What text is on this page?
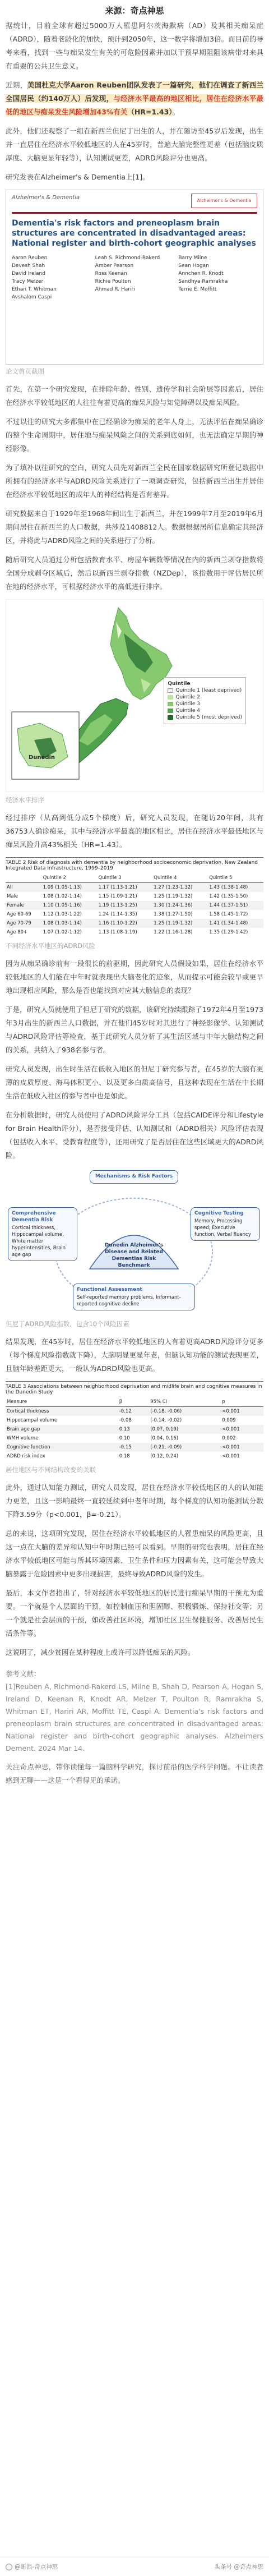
来源：奇点神思

据统计，目前全球有超过5000万人罹患阿尔茨海默病（AD）及其相关痴呆症（ADRD），随着老龄化的加快，预计到2050年，这一数字将增加3倍。而目前的导考来看，找到一些与痴呆发生有关的可危险因素并加以干预早期阻阻该病带对来具有重要的公共卫生意义。

近期，美国杜克大学Aaron Reuben团队发表了一篇研究，他们在调查了新西兰全国居民（约140万人）后发现，与经济水平最高的地区相比，居住在经济水平最低的地区与痴呆发生风险增加43%有关（HR=1.43）。

此外，他们还观察了一组在新西兰但尼丁出生的人，并在随访至45岁后发现，出生并一直居住在经济水平较低地区的人在45岁时，普遍大脑完整性更差（包括脑皮质厚度、大脑更显年轻等），认知测试更差，ADRD风险评分也更高。

研究发表在Alzheimer's & Dementia上[1]。

Alzheimer's & Dementia	Alzheimer's & Dementia
Dementia's risk factors and preneoplasm brain structures are concentrated in disadvantaged areas: National register and birth-cohort geographic analyses
Aaron Reuben	Leah S. Richmond-Rakerd	Barry Milne
Devesh Shah	Amber Pearson	Sean Hogan
David Ireland	Ross Keenan	Annchen R. Knodt
Tracy Melzer	Richie Poulton	Sandhya Ramrakha
Ethan T. Whitman	Ahmad R. Hariri	Terrie E. Moffitt
Avshalom Caspi
论文首页截图

首先，在第一个研究发现，在排除年龄、性别、遗传学和社会阶层等因素后，居住在经济水平较低地区的人往往有着更高的痴呆风险与知觉障碍以及痴呆风险。

不过以往的研究大多都集中在已经确诊为痴呆的老年人身上，无法评估在痴呆确诊的整个生命周期中，居住地与痴呆风险之间的关系到底如何，也无法确定早期的神经影像。

为了填补以往研究的空白，研究人员先对新西兰全民在国家数据研究所登记数据中所拥有的经济水平与ADRD风险关系进行了一项调查研究，包括新西兰出生并居住在经济水平较低地区的成年人的神经结构是否有差异。

研究数据来自于1929年至1968年间出生于新西兰，并在1999年7月至2019年6月期间居住在新西兰的人口数据，共涉及1408812人。数据根据居所信息确定其经济区，并将此与ADRD风险之间的关系进行了分析。

随后研究人员通过分析包括教育水平、房屋车辆数等情况在内的新西兰剥夺指数将全国分成剥夺区域后，然后以新西兰剥夺指数（NZDep），该指数用于评估居民所在地的经济水平，可根据经济水平的高低进行排序。

Dunedin
Quintile
Quintile 1 (least deprived)
Quintile 2
Quintile 3
Quintile 4
Quintile 5 (most deprived)
经济水平排序

经过排序（从高到低分成5个梯度）后，研究人员发现，在随访20年间，共有36753人确诊痴呆，其中与经济水平最高的地区相比，居住在经济水平最低地区与痴呆风险升高43%相关（HR=1.43）。

TABLE 2 Risk of diagnosis with dementia by neighborhood socioeconomic deprivation, New Zealand Integrated Data Infrastructure, 1999–2019
	Quintile 2	Quintile 3	Quintile 4	Quintile 5
All	1.09 (1.05-1.13)	1.17 (1.13-1.21)	1.27 (1.23-1.32)	1.43 (1.38-1.48)
Male	1.08 (1.02-1.14)	1.15 (1.09-1.21)	1.25 (1.19-1.32)	1.42 (1.35-1.50)
Female	1.10 (1.05-1.16)	1.19 (1.13-1.25)	1.30 (1.24-1.36)	1.44 (1.37-1.51)
Age 60-69	1.12 (1.03-1.22)	1.24 (1.14-1.35)	1.38 (1.27-1.50)	1.58 (1.45-1.72)
Age 70-79	1.08 (1.03-1.14)	1.16 (1.10-1.22)	1.25 (1.19-1.32)	1.41 (1.34-1.48)
Age 80+	1.07 (1.02-1.12)	1.13 (1.08-1.19)	1.22 (1.16-1.28)	1.35 (1.29-1.42)
不同经济水平地区的ADRD风险

因为从痴呆确诊前有一段很长的前驱期，因此研究人员假设如果，居住在经济水平较低地区的人们能在中年时就表现出大脑老化的迹象，从而提示可能会较早或更早地出现相应风险，那么是否也能找到对应其大脑信息的表现？

于是，研究人员就使用了但尼丁研究的数据，该研究持续跟踪了1972年4月至1973年3月出生的新西兰人口数据，并在他们45岁时对其进行了神经影像学、认知测试与ADRD风险评估等检查，基于此研究人员分析了其生活区域与中年大脑结构之间的关系，共纳入了938名参与者。

研究人员发现，出生时生活在低收入地区的但尼丁研究参与者，在45岁的大脑有更薄的皮质厚度、海马体积更小、以及更多白质高信号，且这种表现在生活在中长期生活在低收入社区的参与者中也是如此。

在分析数据时，研究人员使用了ADRD风险评分工具（包括CAIDE评分和Lifestyle for Brain Health评分），是否接受评估、认知测试和（ADRD相关）风险评估表现（包括收入水平、受教育程度等），还用研究了是否居住在这些区域更大的ADRD风险。

Mechanisms & Risk Factors
Comprehensive Dementia Risk
Cortical thickness, Hippocampal volume, White matter hyperintensities, Brain age gap
Cognitive Testing
Memory, Processing speed, Executive function, Verbal fluency
Dunedin Alzheimer's Disease and Related Dementias Risk Benchmark
Functional Assessment
Self-reported memory problems, Informant-reported cognitive decline
但尼丁ADRD风险指数，包含10个风险因素

结果发现，在45岁时，居住在经济水平较低地区的人有着更高ADRD风险评分更多（每个梯度风险指数就下降），大脑明显更显年老，但脑认知功能的测试表现更差，且脑年龄差距更大，一般认为ADRD风险也更高。

TABLE 3 Associations between neighborhood deprivation and midlife brain and cognitive measures in the Dunedin Study
Measure	β	95% CI	p
Cortical thickness	-0.12	(-0.18, -0.06)	<0.001
Hippocampal volume	-0.08	(-0.14, -0.02)	0.009
Brain age gap	0.13	(0.07, 0.19)	<0.001
WMH volume	0.10	(0.04, 0.16)	0.002
Cognitive function	-0.15	(-0.21, -0.09)	<0.001
ADRD risk index	0.18	(0.12, 0.24)	<0.001
居住地区与不同结构改变的关联

此外，通过认知能力测试，研究人员发现，居住在经济水平较低地区的人的认知能力更差，且这一影响最终一直较延续到中老年时期，每个梯度的认知功能测试分数下降3.59分（p<0.001，β=-0.21）。

总的来说，这项研究发现，居住在经济水平较低地区的人罹患痴呆的风险更高，且这一点在大脑的差异和认知中年时期已经可以看到。早期的研究也表明，居住在经济水平较低地区可能与所其环境因素、卫生条件和压力因素有关，这可能会导致大脑暴露于危险因素中更多出现损害，最终导致ADRD风险的发生。

最后，本文作者指出了，针对经济水平较低地区的居民进行痴呆早期的干预尤为重要。一个就是个人层面的干预，如控制血压和胆固醇、积极锻炼、保持社交等；另一个就是社会层面的干预，如改善社区环境，增加社区卫生保健服务、改善居民生活条件等。

这说明了，减少贫困在某种程度上或许可以降低痴呆的风险。

参考文献：

[1]Reuben A, Richmond-Rakerd LS, Milne B, Shah D, Pearson A, Hogan S, Ireland D, Keenan R, Knodt AR, Melzer T, Poulton R, Ramrakha S, Whitman ET, Hariri AR, Moffitt TE, Caspi A. Dementia's risk factors and preneoplasm brain structures are concentrated in disadvantaged areas: National register and birth-cohort geographic analyses. Alzheimers Dement. 2024 Mar 14.

关注奇点神思，带你读懂每一篇脑科学研究，探讨前沿的医学科学问题。不让读者感到无聊——这是一个看得见的承诺。

@新浪-奇点神思	头条号 @奇点神思
